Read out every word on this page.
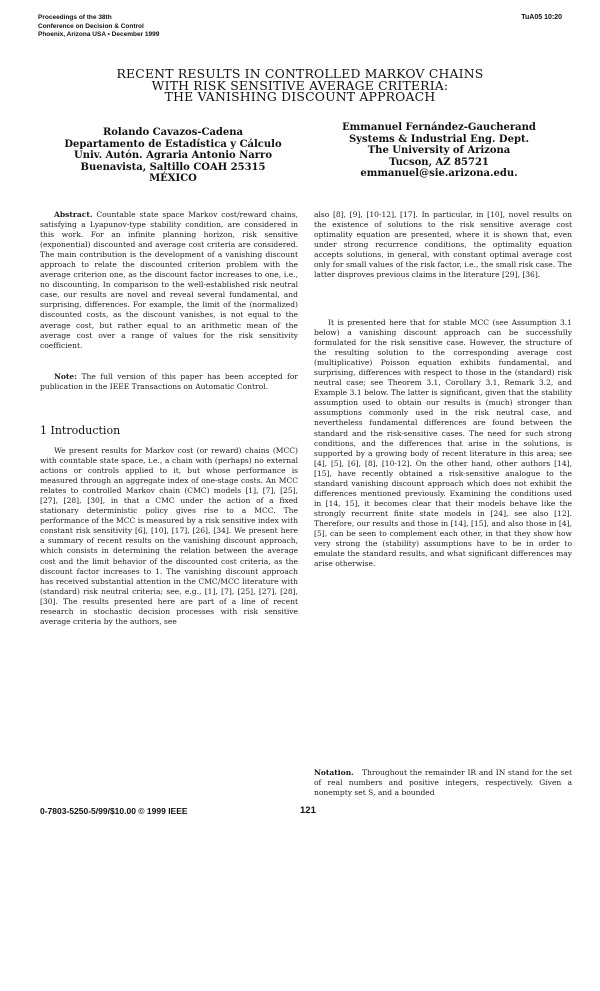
Proceedings of the 38th
Conference on Decision & Control
Phoenix, Arizona USA • December 1999
TuA05 10:20
RECENT RESULTS IN CONTROLLED MARKOV CHAINS
WITH RISK SENSITIVE AVERAGE CRITERIA:
THE VANISHING DISCOUNT APPROACH
Rolando Cavazos-Cadena
Departamento de Estadística y Cálculo
Univ. Autón. Agraria Antonio Narro
Buenavista, Saltillo COAH 25315
MÉXICO
Emmanuel Fernández-Gaucherand
Systems & Industrial Eng. Dept.
The University of Arizona
Tucson, AZ 85721
emmanuel@sie.arizona.edu.

Abstract. Countable state space Markov cost/reward chains, satisfying a Lyapunov-type stability condition, are considered in this work. For an infinite planning horizon, risk sensitive (exponential) discounted and average cost criteria are considered. The main contribution is the development of a vanishing discount approach to relate the discounted criterion problem with the average criterion one, as the discount factor increases to one, i.e., no discounting. In comparison to the well-established risk neutral case, our results are novel and reveal several fundamental, and surprising, differences. For example, the limit of the (normalized) discounted costs, as the discount vanishes, is not equal to the average cost, but rather equal to an arithmetic mean of the average cost over a range of values for the risk sensitivity coefficient.

Note: The full version of this paper has been accepted for publication in the IEEE Transactions on Automatic Control.

1 Introduction

We present results for Markov cost (or reward) chains (MCC) with countable state space, i.e., a chain with (perhaps) no external actions or controls applied to it, but whose performance is measured through an aggregate index of one-stage costs. An MCC relates to controlled Markov chain (CMC) models [1], [7], [25], [27], [28], [30], in that a CMC under the action of a fixed stationary deterministic policy gives rise to a MCC. The performance of the MCC is measured by a risk sensitive index with constant risk sensitivity [6], [10], [17], [26], [34]. We present here a summary of recent results on the vanishing discount approach, which consists in determining the relation between the average cost and the limit behavior of the discounted cost criteria, as the discount factor increases to 1. The vanishing discount approach has received substantial attention in the CMC/MCC literature with (standard) risk neutral criteria; see, e.g., [1], [7], [25], [27], [28], [30]. The results presented here are part of a line of recent research in stochastic decision processes with risk sensitive average criteria by the authors, see

also [8], [9], [10-12], [17]. In particular, in [10], novel results on the existence of solutions to the risk sensitive average cost optimality equation are presented, where it is shown that, even under strong recurrence conditions, the optimality equation accepts solutions, in general, with constant optimal average cost only for small values of the risk factor, i.e., the small risk case. The latter disproves previous claims in the literature [29], [36].

It is presented here that for stable MCC (see Assumption 3.1 below) a vanishing discount approach can be successfully formulated for the risk sensitive case. However, the structure of the resulting solution to the corresponding average cost (multiplicative) Poisson equation exhibits fundamental, and surprising, differences with respect to those in the (standard) risk neutral case; see Theorem 3.1, Corollary 3.1, Remark 3.2, and Example 3.1 below. The latter is significant, given that the stability assumption used to obtain our results is (much) stronger than assumptions commonly used in the risk neutral case, and nevertheless fundamental differences are found between the standard and the risk-sensitive cases. The need for such strong conditions, and the differences that arise in the solutions, is supported by a growing body of recent literature in this area; see [4], [5], [6], [8], [10-12]. On the other hand, other authors [14], [15], have recently obtained a risk-sensitive analogue to the standard vanishing discount approach which does not exhibit the differences mentioned previously. Examining the conditions used in [14, 15], it becomes clear that their models behave like the strongly recurrent finite state models in [24], see also [12]. Therefore, our results and those in [14], [15], and also those in [4], [5], can be seen to complement each other, in that they show how very strong the (stability) assumptions have to be in order to emulate the standard results, and what significant differences may arise otherwise.

Notation. Throughout the remainder IR and IN stand for the set of real numbers and positive integers, respectively. Given a nonempty set S, and a bounded

0-7803-5250-5/99/$10.00 © 1999 IEEE	121
